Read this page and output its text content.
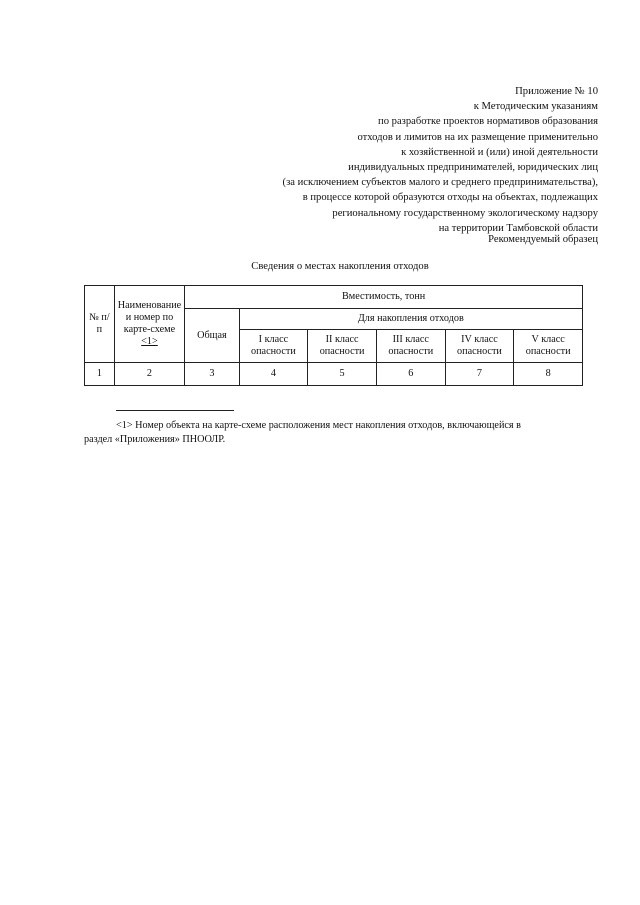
Приложение № 10
к Методическим указаниям
по разработке проектов нормативов образования
отходов и лимитов на их размещение применительно
к хозяйственной и (или) иной деятельности
индивидуальных предпринимателей, юридических лиц
(за исключением субъектов малого и среднего предпринимательства),
в процессе которой образуются отходы на объектах, подлежащих
региональному государственному экологическому надзору
на территории Тамбовской области
Рекомендуемый образец
Сведения о местах накопления отходов
№ п/п	Наименование и номер по карте-схеме <1>	Вместимость, тонн					
		Общая	Для накопления отходов				
			I класс опасности	II класс опасности	III класс опасности	IV класс опасности	V класс опасности
1	2	3	4	5	6	7	8
<1> Номер объекта на карте-схеме расположения мест накопления отходов, включающейся в
раздел «Приложения» ПНООЛР.
